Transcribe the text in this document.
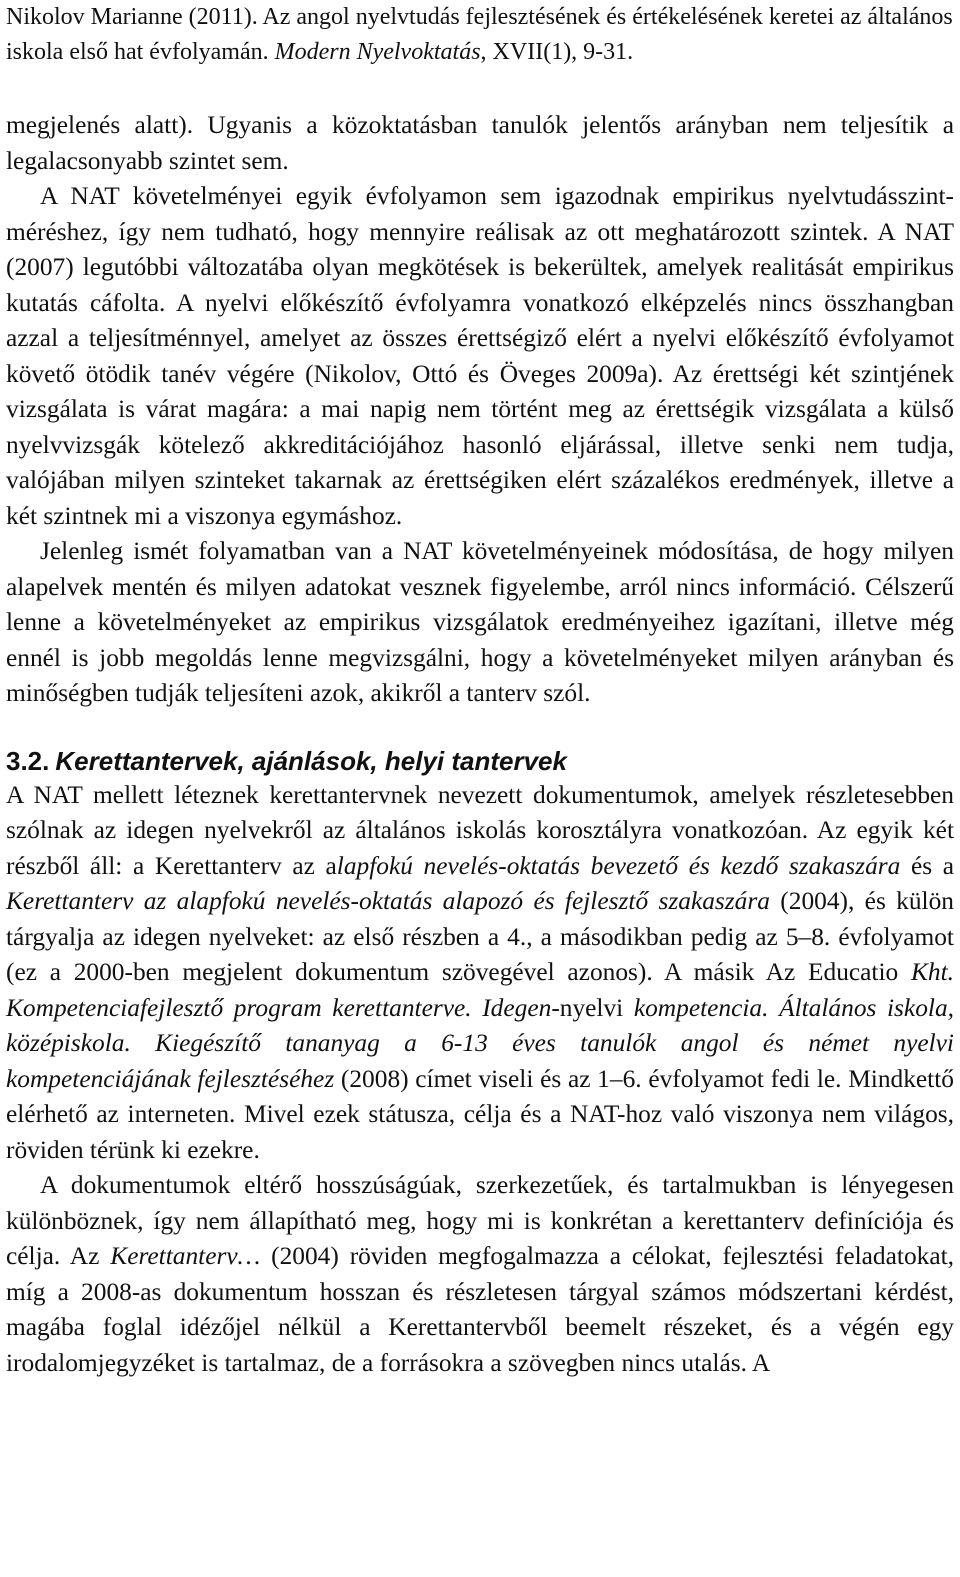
Nikolov Marianne (2011). Az angol nyelvtudás fejlesztésének és értékelésének keretei az általános iskola első hat évfolyamán. Modern Nyelvoktatás, XVII(1), 9-31.

megjelenés alatt). Ugyanis a közoktatásban tanulók jelentős arányban nem teljesítik a legalacsonyabb szintet sem.

A NAT követelményei egyik évfolyamon sem igazodnak empirikus nyelvtudásszint-méréshez, így nem tudható, hogy mennyire reálisak az ott meghatározott szintek. A NAT (2007) legutóbbi változatába olyan megkötések is bekerültek, amelyek realitását empirikus kutatás cáfolta. A nyelvi előkészítő évfolyamra vonatkozó elképzelés nincs összhangban azzal a teljesítménnyel, amelyet az összes érettségiző elért a nyelvi előkészítő évfolyamot követő ötödik tanév végére (Nikolov, Ottó és Öveges 2009a). Az érettségi két szintjének vizsgálata is várat magára: a mai napig nem történt meg az érettségik vizsgálata a külső nyelvvizsgák kötelező akkreditációjához hasonló eljárással, illetve senki nem tudja, valójában milyen szinteket takarnak az érettségiken elért százalékos eredmények, illetve a két szintnek mi a viszonya egymáshoz.

Jelenleg ismét folyamatban van a NAT követelményeinek módosítása, de hogy milyen alapelvek mentén és milyen adatokat vesznek figyelembe, arról nincs információ. Célszerű lenne a követelményeket az empirikus vizsgálatok eredményeihez igazítani, illetve még ennél is jobb megoldás lenne megvizsgálni, hogy a követelményeket milyen arányban és minőségben tudják teljesíteni azok, akikről a tanterv szól.

3.2. Kerettantervek, ajánlások, helyi tantervek

A NAT mellett léteznek kerettantervnek nevezett dokumentumok, amelyek részletesebben szólnak az idegen nyelvekről az általános iskolás korosztályra vonatkozóan. Az egyik két részből áll: a Kerettanterv az alapfokú nevelés-oktatás bevezető és kezdő szakaszára és a Kerettanterv az alapfokú nevelés-oktatás alapozó és fejlesztő szakaszára (2004), és külön tárgyalja az idegen nyelveket: az első részben a 4., a másodikban pedig az 5–8. évfolyamot (ez a 2000-ben megjelent dokumentum szövegével azonos). A másik Az Educatio Kht. Kompetenciafejlesztő program kerettanterve. Idegen-nyelvi kompetencia. Általános iskola, középiskola. Kiegészítő tananyag a 6-13 éves tanulók angol és német nyelvi kompetenciájának fejlesztéséhez (2008) címet viseli és az 1–6. évfolyamot fedi le. Mindkettő elérhető az interneten. Mivel ezek státusza, célja és a NAT-hoz való viszonya nem világos, röviden térünk ki ezekre.

A dokumentumok eltérő hosszúságúak, szerkezetűek, és tartalmukban is lényegesen különböznek, így nem állapítható meg, hogy mi is konkrétan a kerettanterv definíciója és célja. Az Kerettanterv… (2004) röviden megfogalmazza a célokat, fejlesztési feladatokat, míg a 2008-as dokumentum hosszan és részletesen tárgyal számos módszertani kérdést, magába foglal idézőjel nélkül a Kerettantervből beemelt részeket, és a végén egy irodalomjegyzéket is tartalmaz, de a forrásokra a szövegben nincs utalás. A
